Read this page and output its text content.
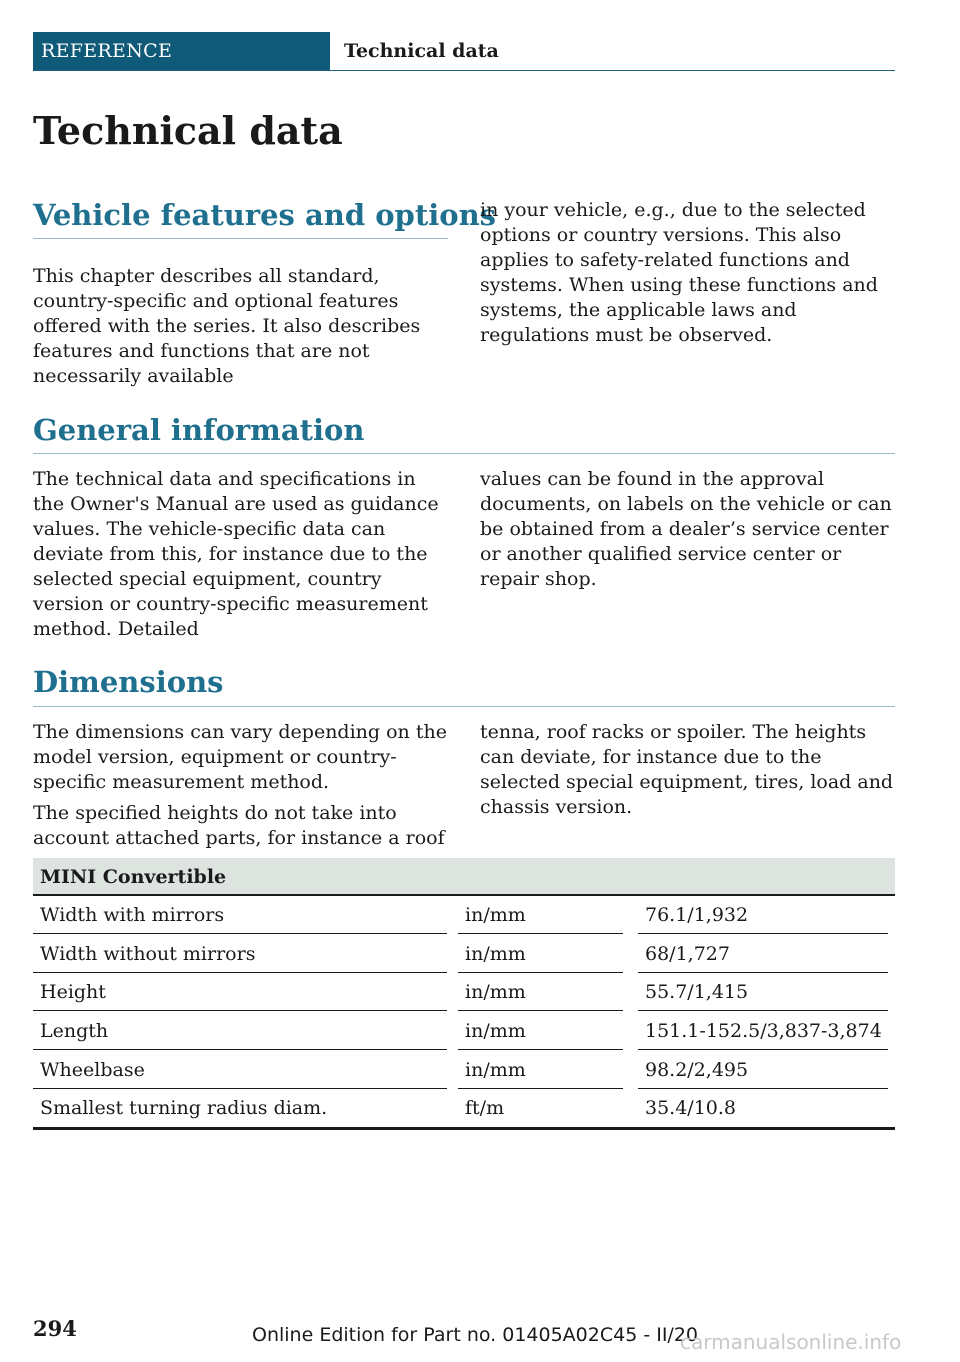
REFERENCE	Technical data
Technical data
Vehicle features and options

This chapter describes all standard, country-specific and optional features offered with the series. It also describes features and functions that are not necessarily available

in your vehicle, e.g., due to the selected options or country versions. This also applies to safety-related functions and systems. When using these functions and systems, the applicable laws and regulations must be observed.

General information

The technical data and specifications in the Owner's Manual are used as guidance values. The vehicle-specific data can deviate from this, for instance due to the selected special equipment, country version or country-specific measurement method. Detailed

values can be found in the approval documents, on labels on the vehicle or can be obtained from a dealer’s service center or another qualified service center or repair shop.

Dimensions

The dimensions can vary depending on the model version, equipment or country-specific measurement method.

The specified heights do not take into account attached parts, for instance a roof

tenna, roof racks or spoiler. The heights can deviate, for instance due to the selected special equipment, tires, load and chassis version.

MINI Convertible
Width with mirrors	in/mm	76.1/1,932
Width without mirrors	in/mm	68/1,727
Height	in/mm	55.7/1,415
Length	in/mm	151.1-152.5/3,837-3,874
Wheelbase	in/mm	98.2/2,495
Smallest turning radius diam.	ft/m	35.4/10.8
294	Online Edition for Part no. 01405A02C45 - II/20
carmanualsonline.info
